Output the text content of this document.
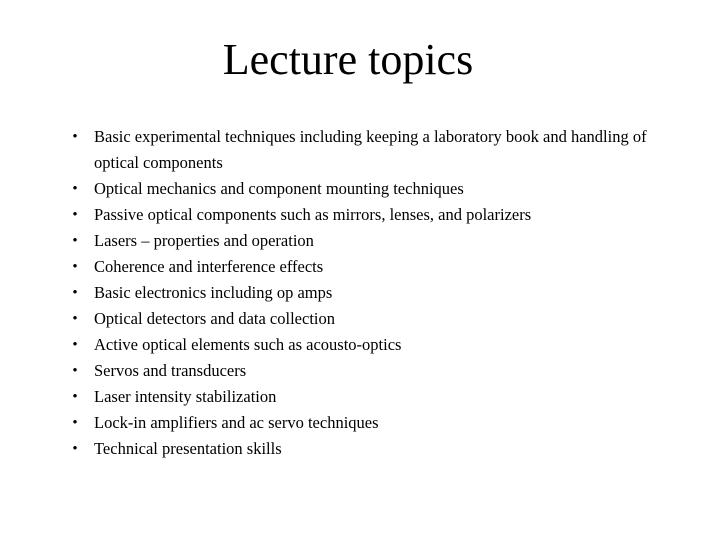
Lecture topics
• Basic experimental techniques including keeping a laboratory book and handling of optical components
• Optical mechanics and component mounting techniques
• Passive optical components such as mirrors, lenses, and polarizers
• Lasers – properties and operation
• Coherence and interference effects
• Basic electronics including op amps
• Optical detectors and data collection
• Active optical elements such as acousto-optics
• Servos and transducers
• Laser intensity stabilization
• Lock-in amplifiers and ac servo techniques
• Technical presentation skills
